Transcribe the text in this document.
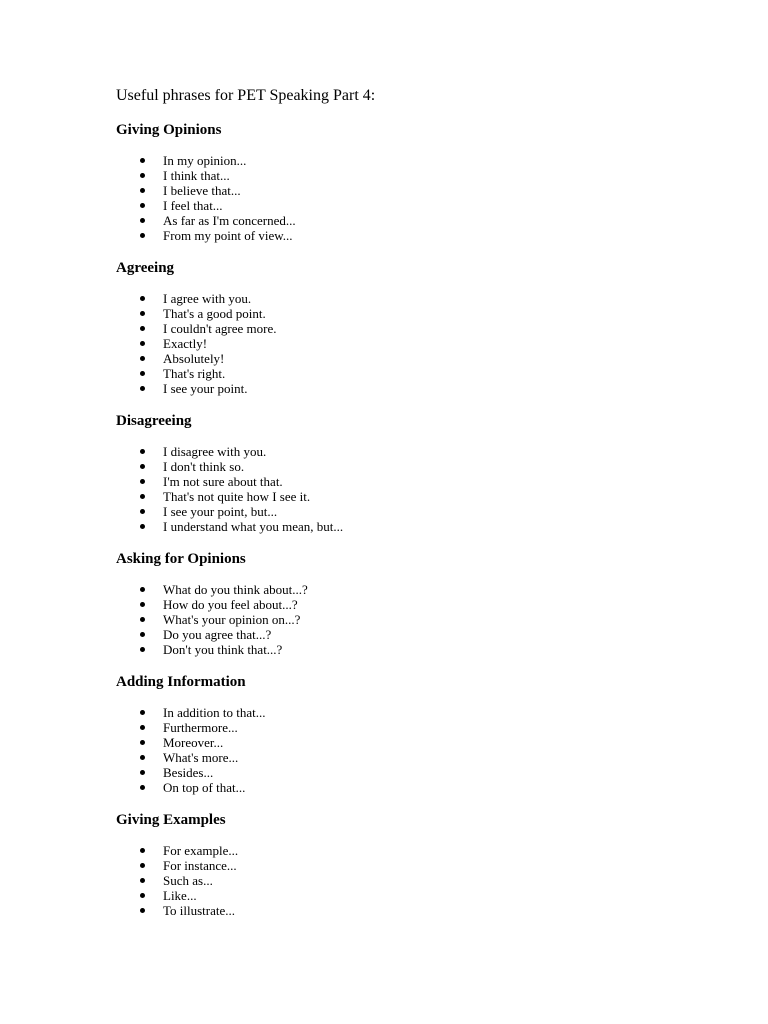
Useful phrases for PET Speaking Part 4:
Giving Opinions
In my opinion...
I think that...
I believe that...
I feel that...
As far as I'm concerned...
From my point of view...
Agreeing
I agree with you.
That's a good point.
I couldn't agree more.
Exactly!
Absolutely!
That's right.
I see your point.
Disagreeing
I disagree with you.
I don't think so.
I'm not sure about that.
That's not quite how I see it.
I see your point, but...
I understand what you mean, but...
Asking for Opinions
What do you think about...?
How do you feel about...?
What's your opinion on...?
Do you agree that...?
Don't you think that...?
Adding Information
In addition to that...
Furthermore...
Moreover...
What's more...
Besides...
On top of that...
Giving Examples
For example...
For instance...
Such as...
Like...
To illustrate...
